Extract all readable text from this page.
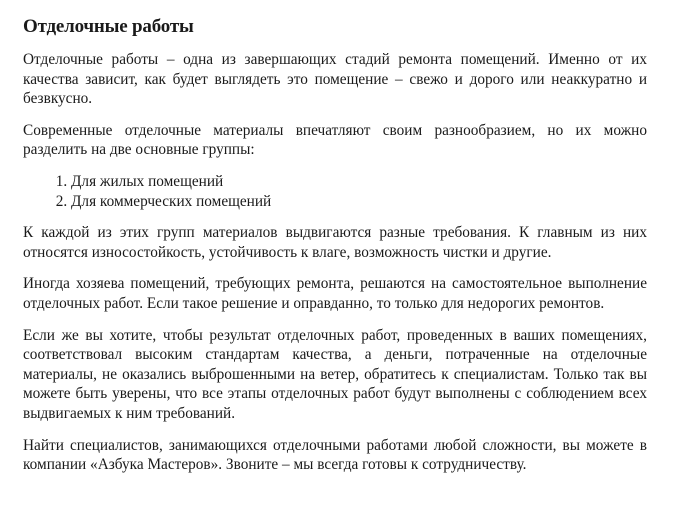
Отделочные работы

Отделочные работы – одна из завершающих стадий ремонта помещений. Именно от их качества зависит, как будет выглядеть это помещение – свежо и дорого или неаккуратно и безвкусно.

Современные отделочные материалы впечатляют своим разнообразием, но их можно разделить на две основные группы:

1. Для жилых помещений
2. Для коммерческих помещений

К каждой из этих групп материалов выдвигаются разные требования. К главным из них относятся износостойкость, устойчивость к влаге, возможность чистки и другие.

Иногда хозяева помещений, требующих ремонта, решаются на самостоятельное выполнение отделочных работ. Если такое решение и оправданно, то только для недорогих ремонтов.

Если же вы хотите, чтобы результат отделочных работ, проведенных в ваших помещениях, соответствовал высоким стандартам качества, а деньги, потраченные на отделочные материалы, не оказались выброшенными на ветер, обратитесь к специалистам. Только так вы можете быть уверены, что все этапы отделочных работ будут выполнены с соблюдением всех выдвигаемых к ним требований.

Найти специалистов, занимающихся отделочными работами любой сложности, вы можете в компании «Азбука Мастеров». Звоните – мы всегда готовы к сотрудничеству.
